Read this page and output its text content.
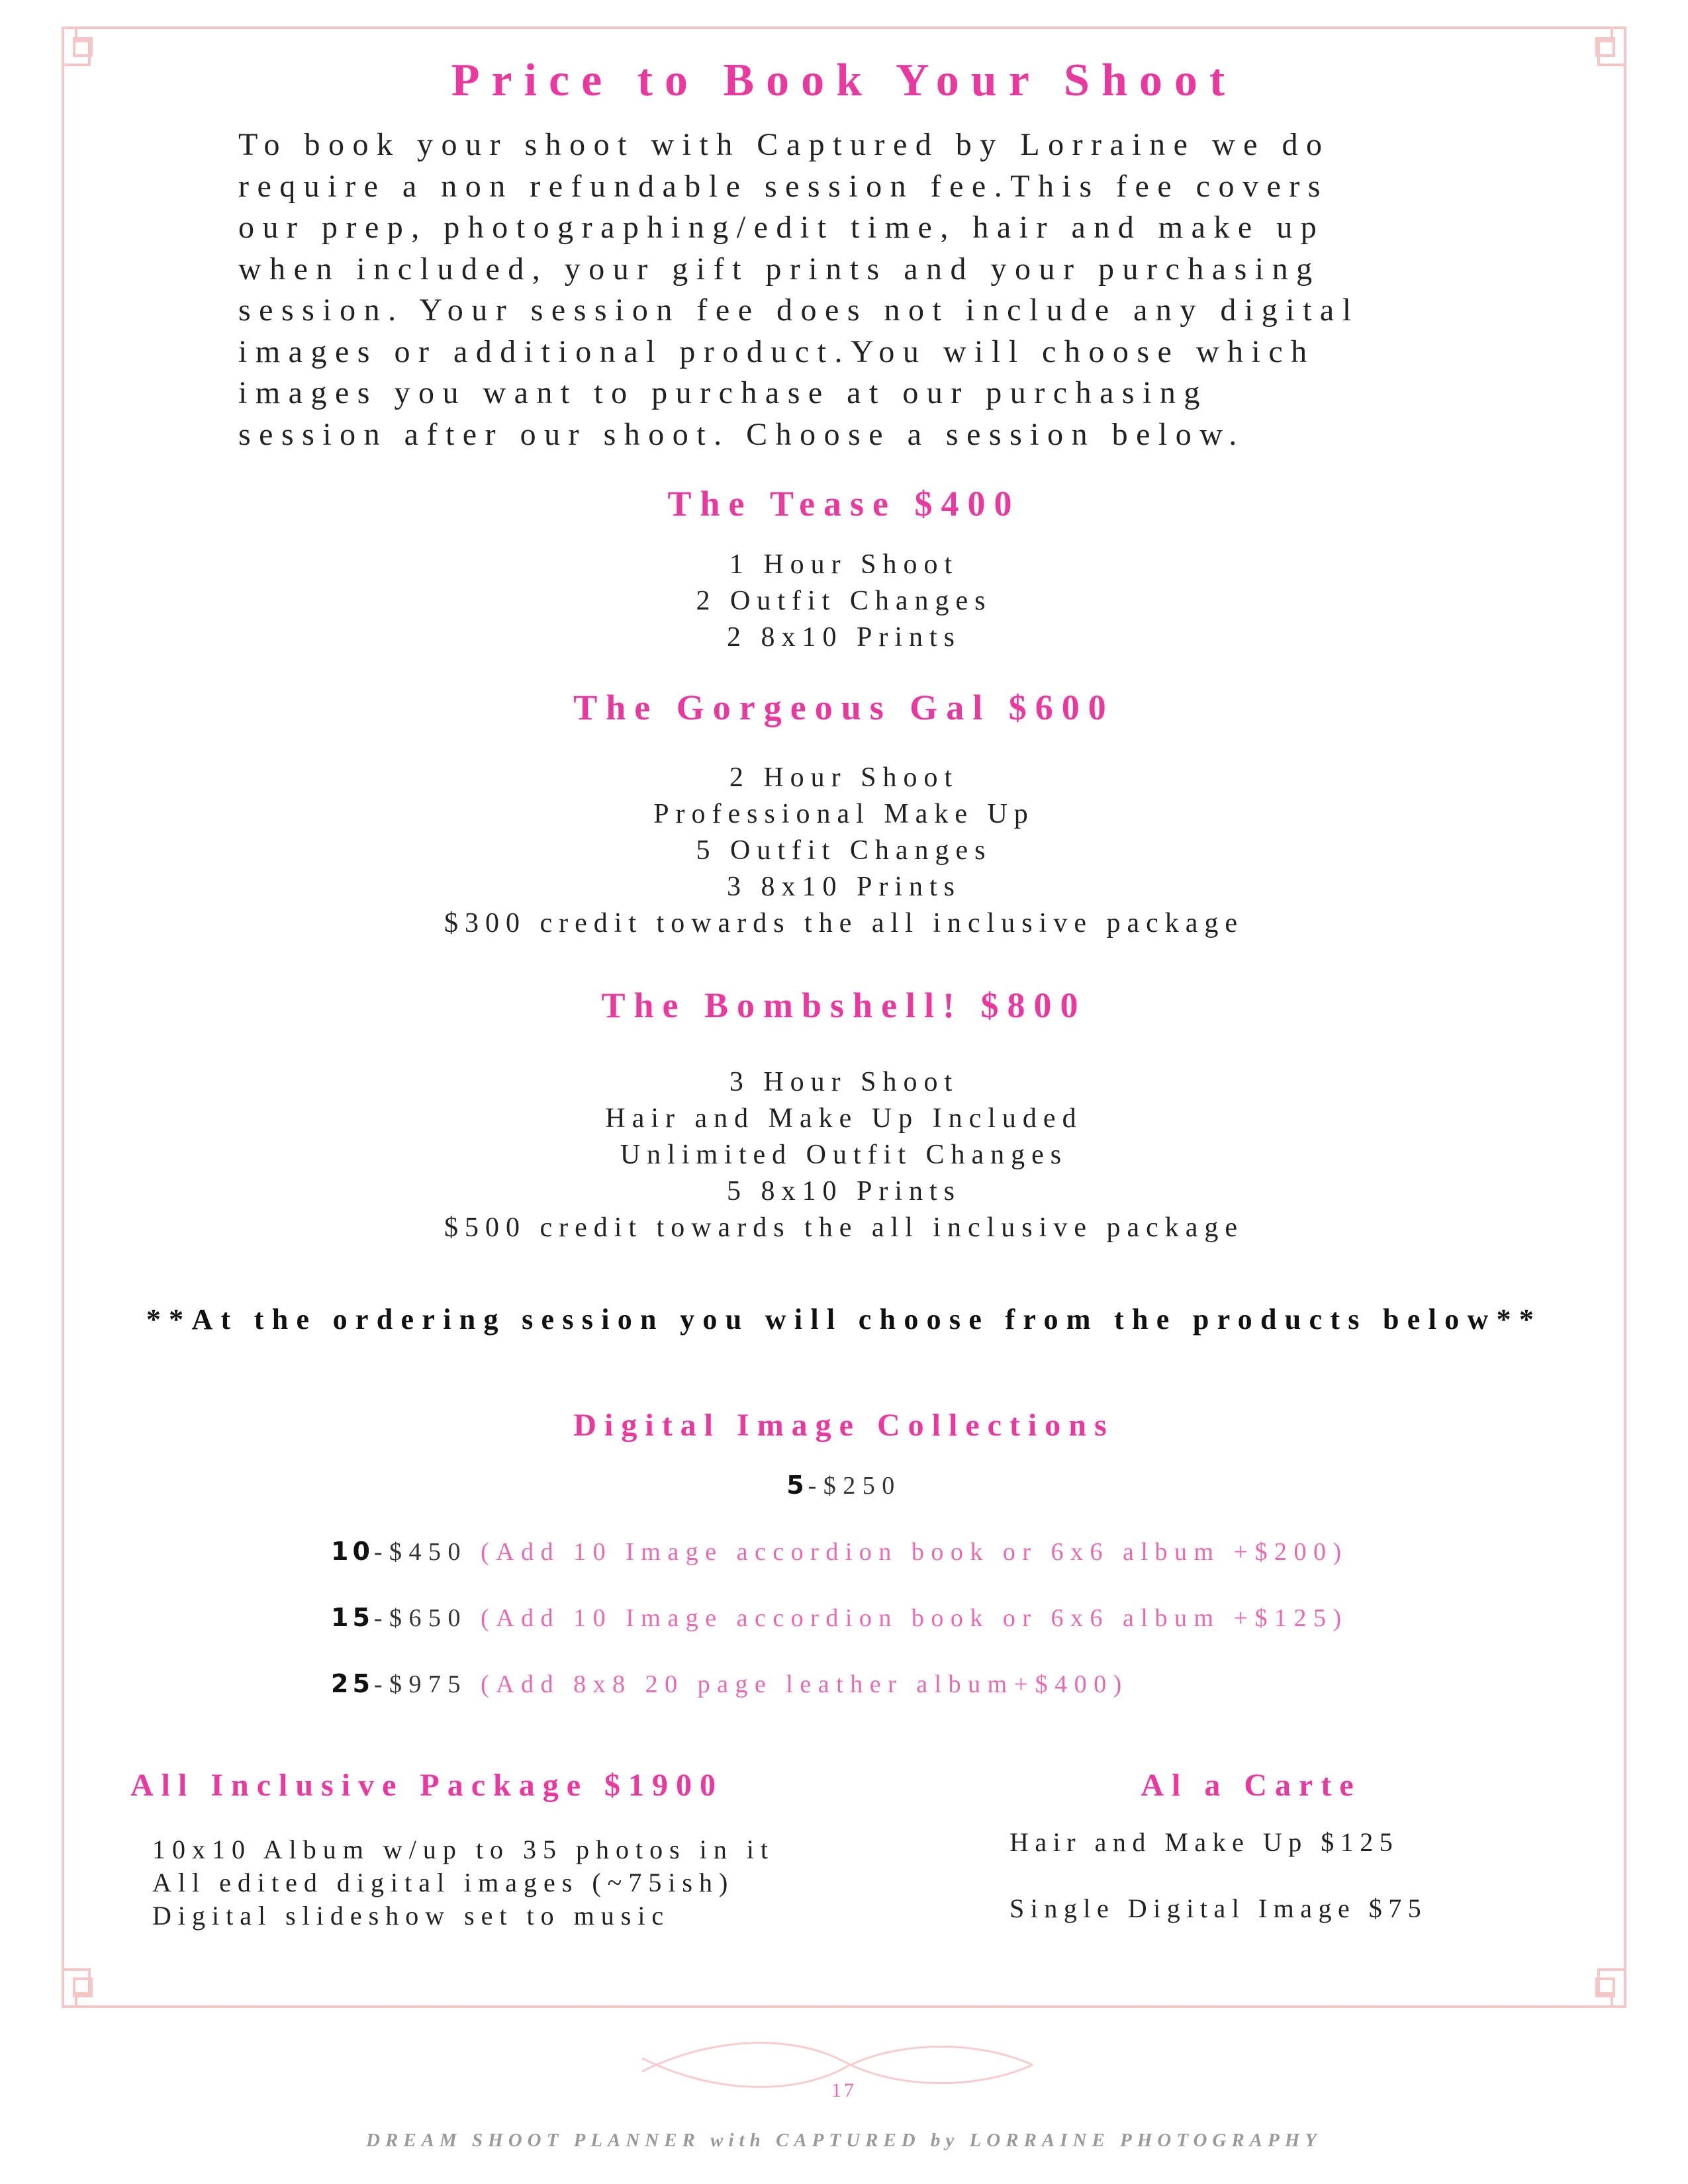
Price to Book Your Shoot
To book your shoot with Captured by Lorraine we do
require a non refundable session fee.This fee covers
our prep, photographing/edit time, hair and make up
when included, your gift prints and your purchasing
session. Your session fee does not include any digital
images or additional product.You will choose which
images you want to purchase at our purchasing
session after our shoot. Choose a session below.
The Tease $400
1 Hour Shoot
2 Outfit Changes
2 8x10 Prints
The Gorgeous Gal $600
2 Hour Shoot
Professional Make Up
5 Outfit Changes
3 8x10 Prints
$300 credit towards the all inclusive package
The Bombshell! $800
3 Hour Shoot
Hair and Make Up Included
Unlimited Outfit Changes
5 8x10 Prints
$500 credit towards the all inclusive package
**At the ordering session you will choose from the products below**
Digital Image Collections
5-$250
10-$450 (Add 10 Image accordion book or 6x6 album +$200)
15-$650 (Add 10 Image accordion book or 6x6 album +$125)
25-$975 (Add 8x8 20 page leather album+$400)
All Inclusive Package $1900
10x10 Album w/up to 35 photos in it
All edited digital images (~75ish)
Digital slideshow set to music
Al a Carte
Hair and Make Up $125
Single Digital Image $75
17
DREAM SHOOT PLANNER with CAPTURED by LORRAINE PHOTOGRAPHY
